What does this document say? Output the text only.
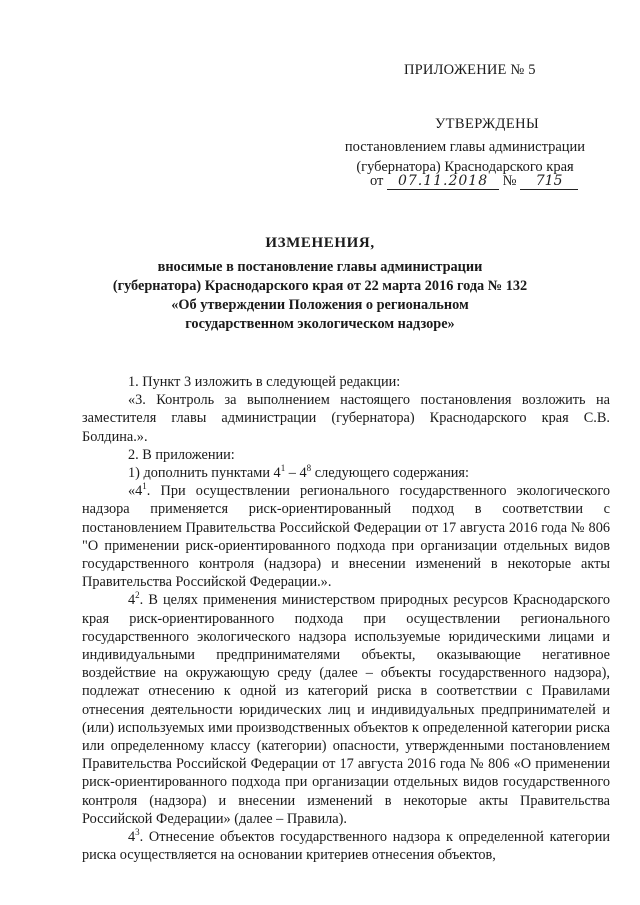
ПРИЛОЖЕНИЕ № 5
УТВЕРЖДЕНЫ
постановлением главы администрации
(губернатора) Краснодарского края
от 07.11.2018 № 715
ИЗМЕНЕНИЯ,
вносимые в постановление главы администрации
(губернатора) Краснодарского края от 22 марта 2016 года № 132
«Об утверждении Положения о региональном
государственном экологическом надзоре»

1. Пункт 3 изложить в следующей редакции:

«3. Контроль за выполнением настоящего постановления возложить на заместителя главы администрации (губернатора) Краснодарского края С.В. Болдина.».

2. В приложении:

1) дополнить пунктами $4^1 - 4^8$ следующего содержания:

«$4^1$. При осуществлении регионального государственного экологического надзора применяется риск-ориентированный подход в соответствии с постановлением Правительства Российской Федерации от 17 августа 2016 года № 806 "О применении риск-ориентированного подхода при организации отдельных видов государственного контроля (надзора) и внесении изменений в некоторые акты Правительства Российской Федерации.».

$4^2$. В целях применения министерством природных ресурсов Краснодарского края риск-ориентированного подхода при осуществлении регионального государственного экологического надзора используемые юридическими лицами и индивидуальными предпринимателями объекты, оказывающие негативное воздействие на окружающую среду (далее – объекты государственного надзора), подлежат отнесению к одной из категорий риска в соответствии с Правилами отнесения деятельности юридических лиц и индивидуальных предпринимателей и (или) используемых ими производственных объектов к определенной категории риска или определенному классу (категории) опасности, утвержденными постановлением Правительства Российской Федерации от 17 августа 2016 года № 806 «О применении риск-ориентированного подхода при организации отдельных видов государственного контроля (надзора) и внесении изменений в некоторые акты Правительства Российской Федерации» (далее – Правила).

$4^3$. Отнесение объектов государственного надзора к определенной категории риска осуществляется на основании критериев отнесения объектов,
